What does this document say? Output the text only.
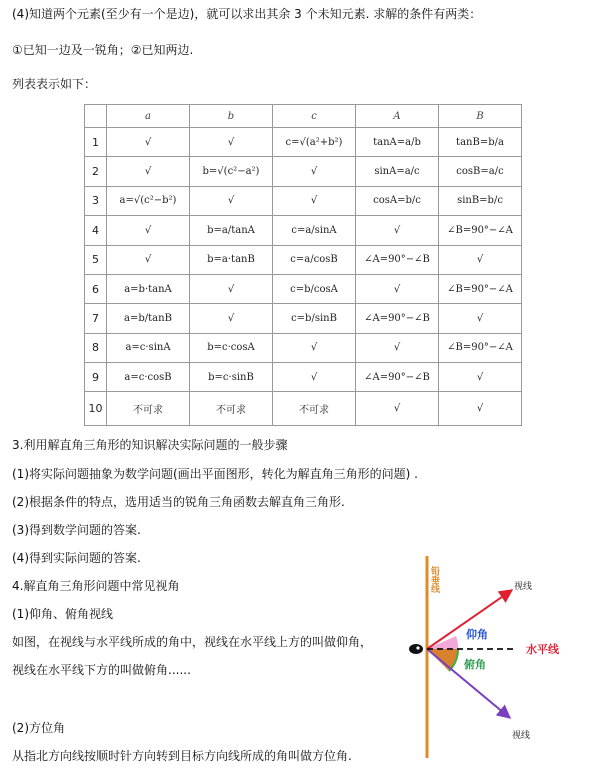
(4)知道两个元素(至少有一个是边)，就可以求出其余 3 个未知元素. 求解的条件有两类：
①已知一边及一锐角；②已知两边.
列表表示如下：
	a	b	c	A	B
1	√	√	c=√(a²+b²)	tanA=a/b	tanB=b/a
2	√	b=√(c²−a²)	√	sinA=a/c	cosB=a/c
3	a=√(c²−b²)	√	√	cosA=b/c	sinB=b/c
4	√	b=a/tanA	c=a/sinA	√	∠B=90°−∠A
5	√	b=a·tanB	c=a/cosB	∠A=90°−∠B	√
6	a=b·tanA	√	c=b/cosA	√	∠B=90°−∠A
7	a=b/tanB	√	c=b/sinB	∠A=90°−∠B	√
8	a=c·sinA	b=c·cosA	√	√	∠B=90°−∠A
9	a=c·cosB	b=c·sinB	√	∠A=90°−∠B	√
10	不可求	不可求	不可求	√	√
3.利用解直角三角形的知识解决实际问题的一般步骤
(1)将实际问题抽象为数学问题(画出平面图形，转化为解直角三角形的问题) .
(2)根据条件的特点，选用适当的锐角三角函数去解直角三角形.
(3)得到数学问题的答案.
(4)得到实际问题的答案.
4.解直角三角形问题中常见视角
(1)仰角、俯角视线
如图，在视线与水平线所成的角中，视线在水平线上方的叫做仰角，
视线在水平线下方的叫做俯角......
(2)方位角
从指北方向线按顺时针方向转到目标方向线所成的角叫做方位角.
铅垂线	视线
视线
仰角
水平线
俯角
